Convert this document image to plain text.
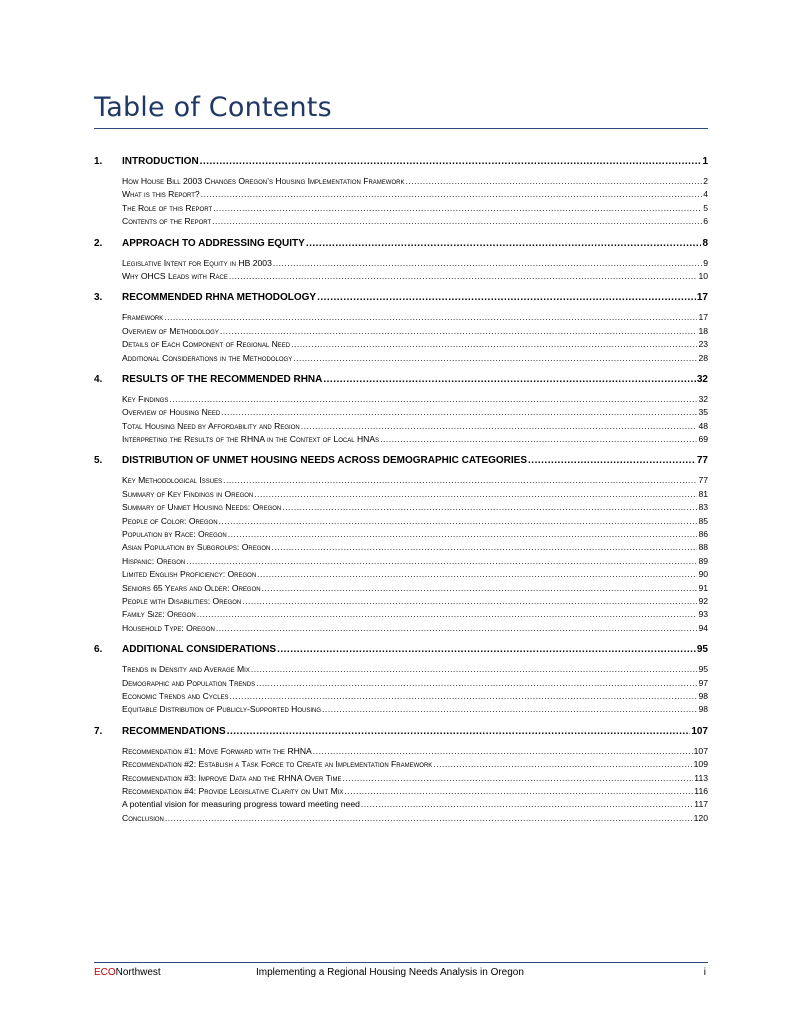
Table of Contents
1.	INTRODUCTION .....	1
How House Bill 2003 Changes Oregon’s Housing Implementation Framework .....	2
What is this Report? .....	4
The Role of this Report .....	5
Contents of the Report .....	6
2.	APPROACH TO ADDRESSING EQUITY .....	8
Legislative Intent for Equity in HB 2003 .....	9
Why OHCS Leads with Race .....	10
3.	RECOMMENDED RHNA METHODOLOGY .....	17
Framework .....	17
Overview of Methodology .....	18
Details of Each Component of Regional Need .....	23
Additional Considerations in the Methodology .....	28
4.	RESULTS OF THE RECOMMENDED RHNA .....	32
Key Findings .....	32
Overview of Housing Need .....	35
Total Housing Need by Affordability and Region .....	48
Interpreting the Results of the RHNA in the Context of Local HNAs .....	69
5.	DISTRIBUTION OF UNMET HOUSING NEEDS ACROSS DEMOGRAPHIC CATEGORIES .....	77
Key Methodological Issues .....	77
Summary of Key Findings in Oregon .....	81
Summary of Unmet Housing Needs: Oregon .....	83
People of Color: Oregon .....	85
Population by Race: Oregon .....	86
Asian Population by Subgroups: Oregon .....	88
Hispanic: Oregon .....	89
Limited English Proficiency: Oregon .....	90
Seniors 65 Years and Older: Oregon .....	91
People with Disabilities: Oregon .....	92
Family Size: Oregon .....	93
Household Type: Oregon .....	94
6.	ADDITIONAL CONSIDERATIONS .....	95
Trends in Density and Average Mix .....	95
Demographic and Population Trends .....	97
Economic Trends and Cycles .....	98
Equitable Distribution of Publicly-Supported Housing .....	98
7.	RECOMMENDATIONS .....	107
Recommendation #1: Move Forward with the RHNA .....	107
Recommendation #2: Establish a Task Force to Create an Implementation Framework .....	109
Recommendation #3: Improve Data and the RHNA Over Time .....	113
Recommendation #4: Provide Legislative Clarity on Unit Mix .....	116
A potential vision for measuring progress toward meeting need .....	117
Conclusion .....	120
ECONorthwest	Implementing a Regional Housing Needs Analysis in Oregon	i
